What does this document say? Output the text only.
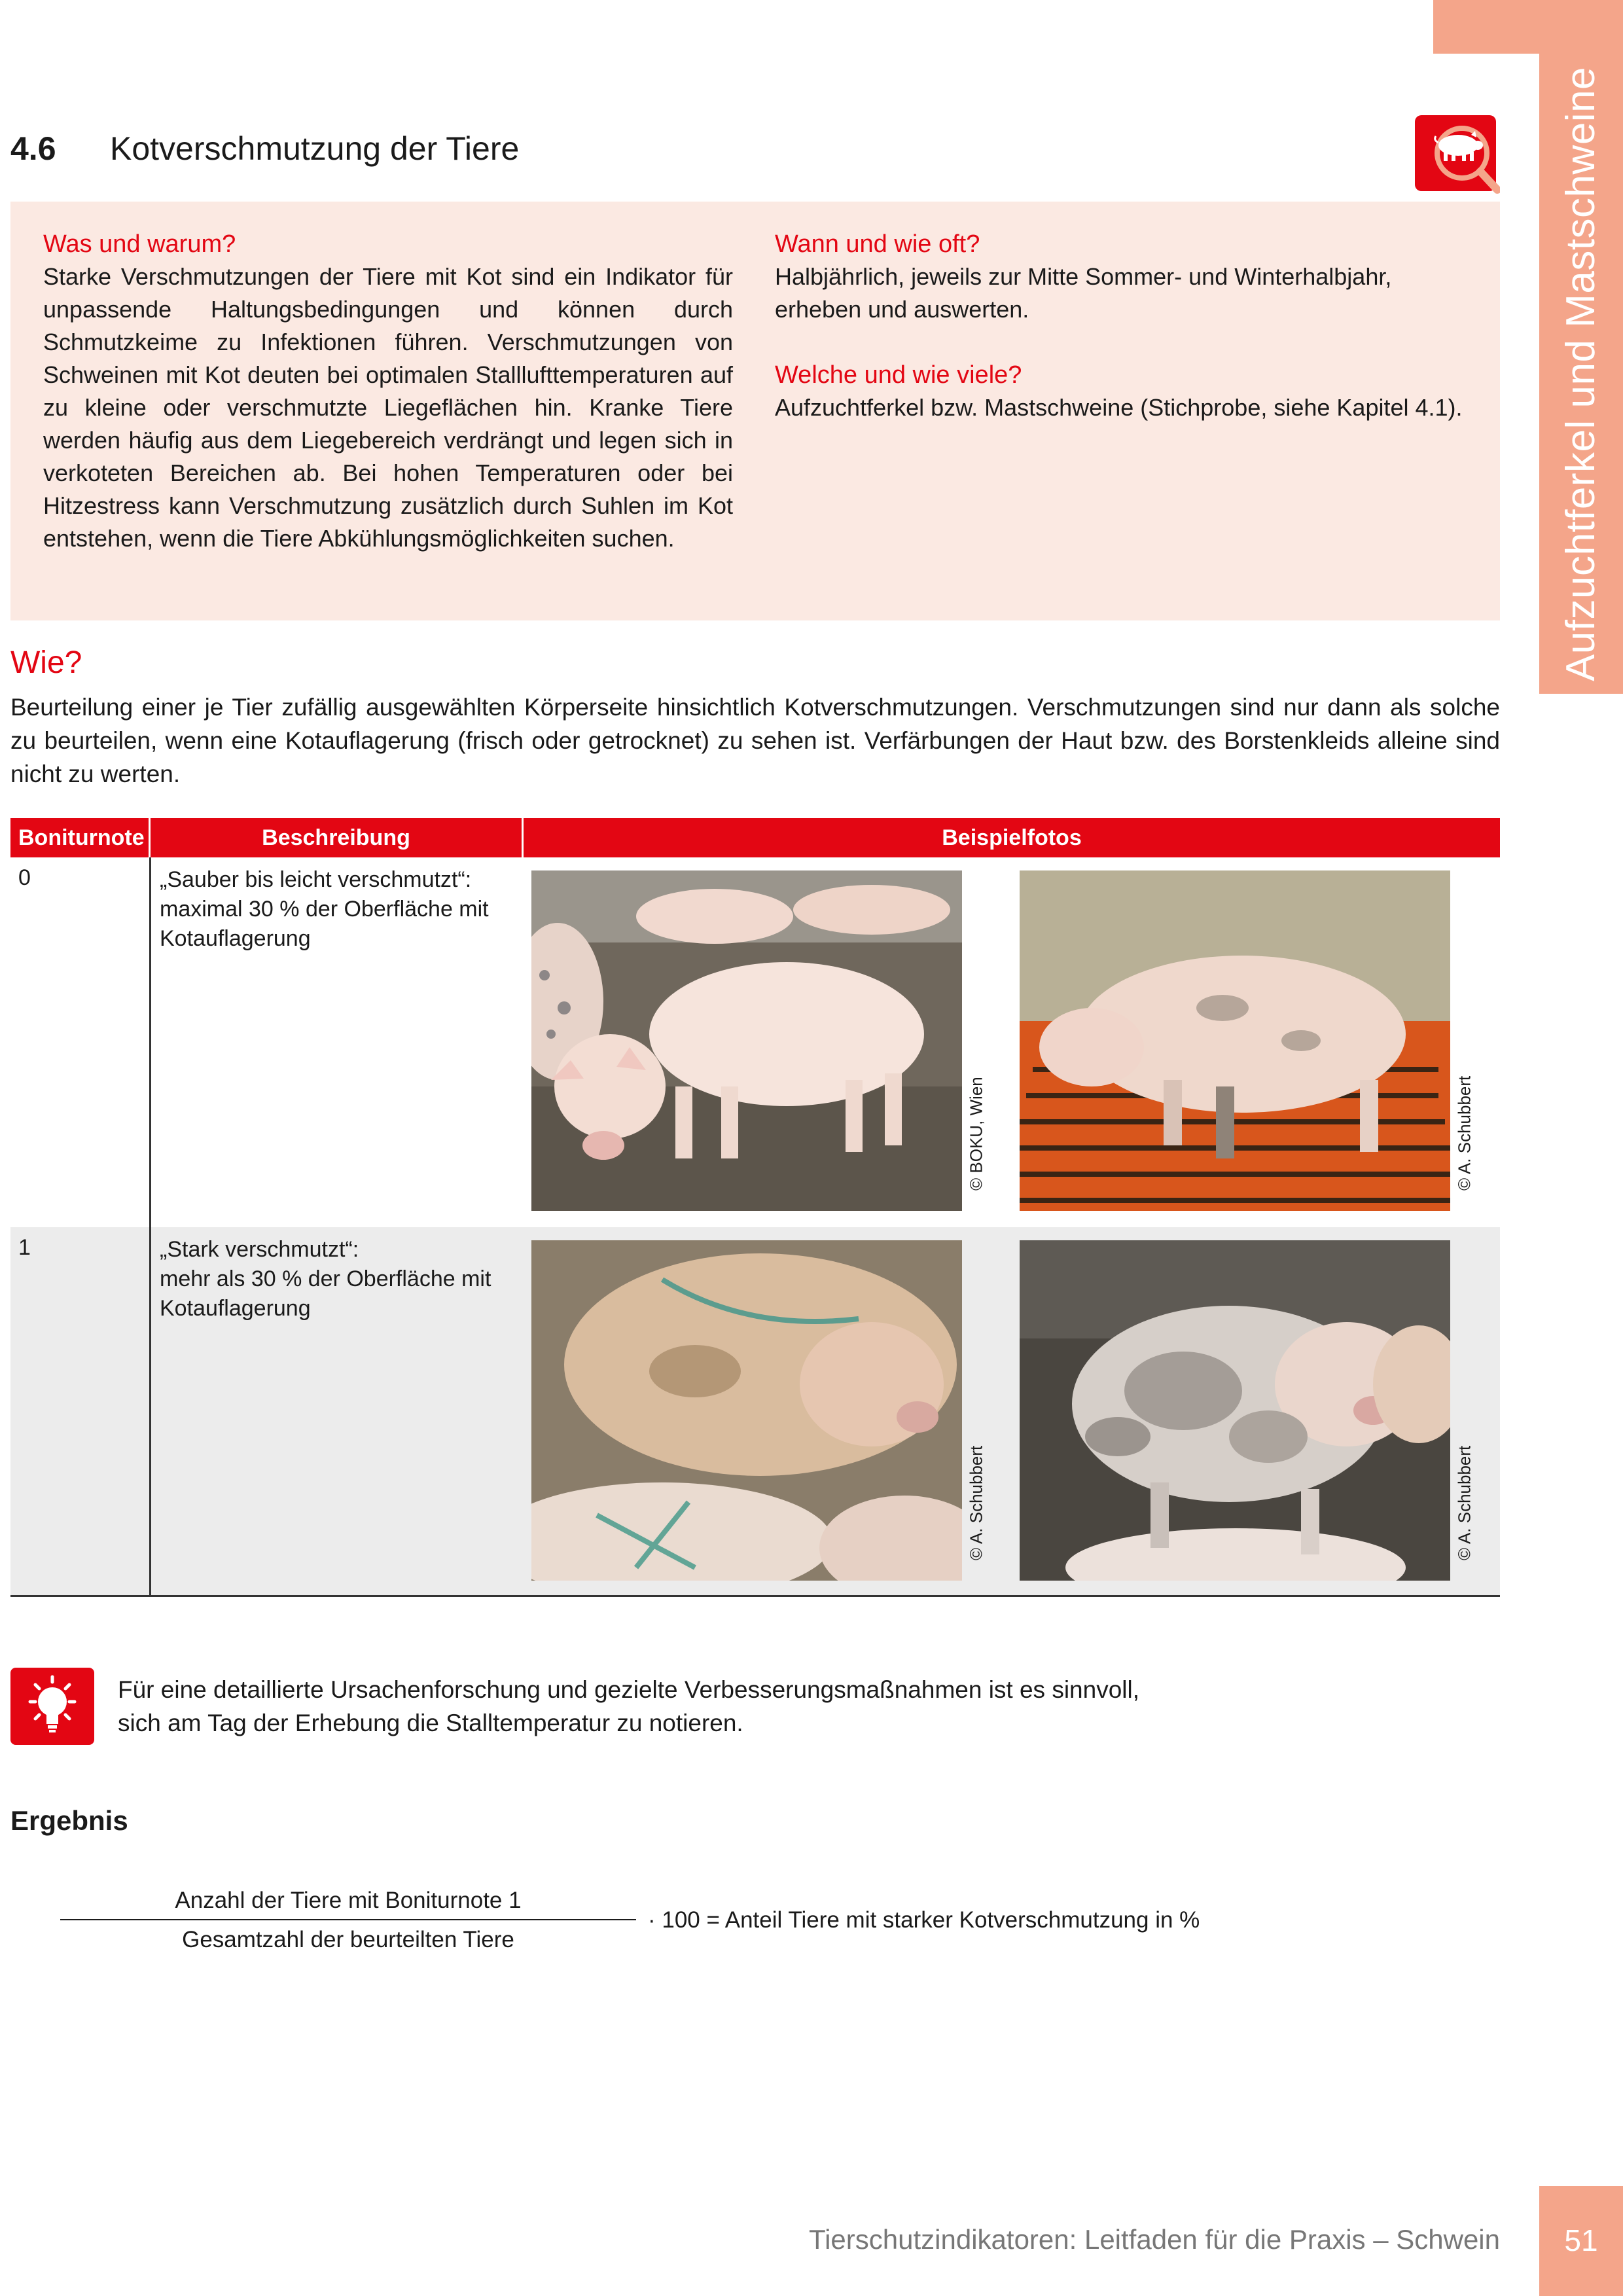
Aufzuchtferkel und Mastschweine
4.6 Kotverschmutzung der Tiere
Was und warum?
Starke Verschmutzungen der Tiere mit Kot sind ein Indikator für unpassende Haltungsbedingungen und können durch Schmutzkeime zu Infektionen führen. Verschmutzungen von Schweinen mit Kot deuten bei optimalen Stalllufttemperaturen auf zu kleine oder verschmutzte Liegeflächen hin. Kranke Tiere werden häufig aus dem Liegebereich verdrängt und legen sich in verkoteten Bereichen ab. Bei hohen Temperaturen oder bei Hitzestress kann Verschmutzung zusätzlich durch Suhlen im Kot entstehen, wenn die Tiere Abkühlungsmöglichkeiten suchen.
Wann und wie oft?
Halbjährlich, jeweils zur Mitte Sommer- und Winterhalbjahr, erheben und auswerten.
Welche und wie viele?
Aufzuchtferkel bzw. Mastschweine (Stichprobe, siehe Kapitel 4.1).
Wie?
Beurteilung einer je Tier zufällig ausgewählten Körperseite hinsichtlich Kotverschmutzungen. Verschmutzungen sind nur dann als solche zu beurteilen, wenn eine Kotauflagerung (frisch oder getrocknet) zu sehen ist. Verfärbungen der Haut bzw. des Borstenkleids alleine sind nicht zu werten.
Boniturnote	Beschreibung	Beispielfotos
0	„Sauber bis leicht verschmutzt“:
maximal 30 % der Oberfläche mit Kotauflagerung
© BOKU, Wien	© A. Schubbert
1	„Stark verschmutzt“:
mehr als 30 % der Oberfläche mit Kotauflagerung
© A. Schubbert	© A. Schubbert
Für eine detaillierte Ursachenforschung und gezielte Verbesserungsmaßnahmen ist es sinnvoll,
sich am Tag der Erhebung die Stalltemperatur zu notieren.
Ergebnis
Anzahl der Tiere mit Boniturnote 1
Gesamtzahl der beurteilten Tiere
· 100 = Anteil Tiere mit starker Kotverschmutzung in %
Tierschutzindikatoren: Leitfaden für die Praxis – Schwein	51
